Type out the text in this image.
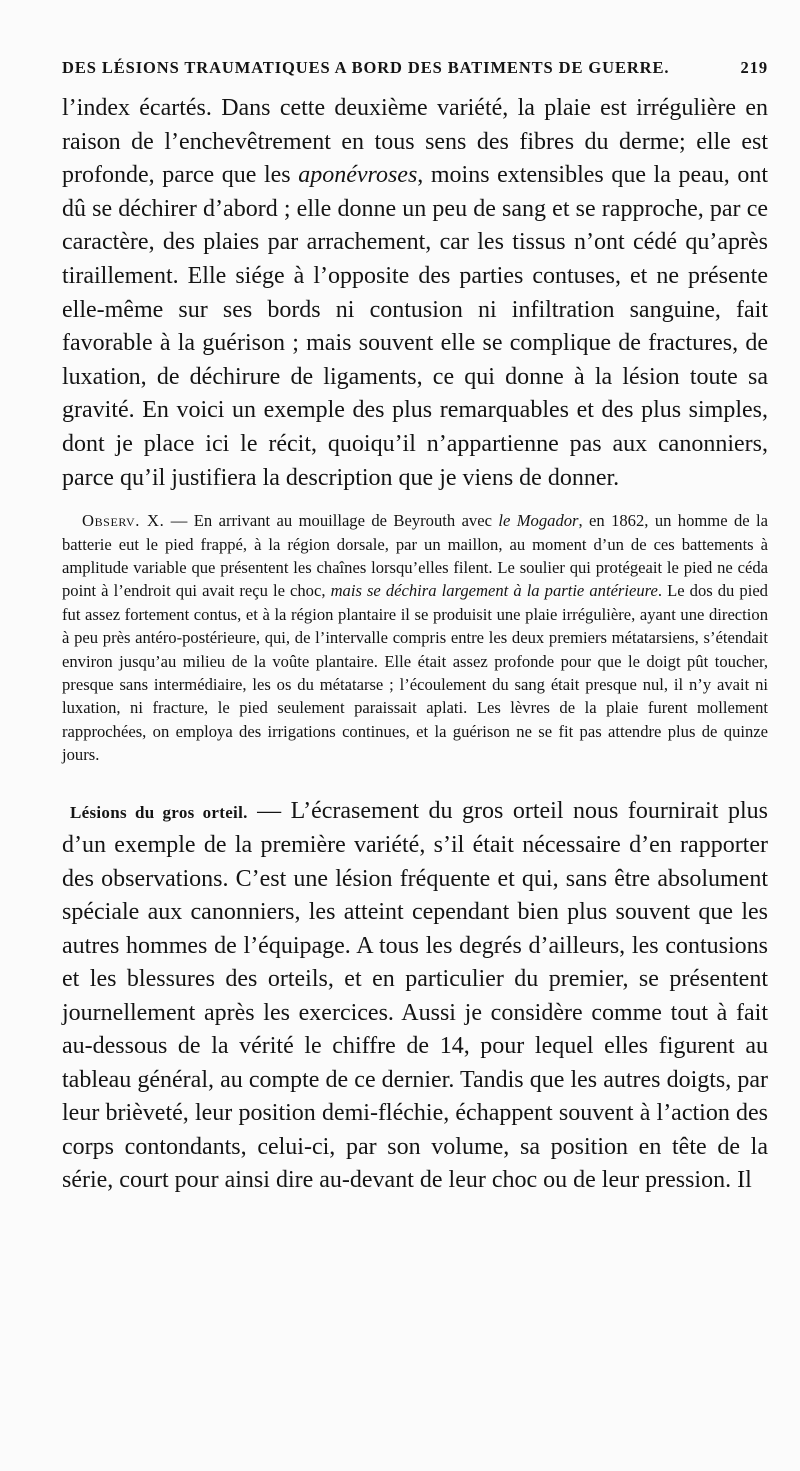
DES LÉSIONS TRAUMATIQUES A BORD DES BATIMENTS DE GUERRE.	219

l’index écartés. Dans cette deuxième variété, la plaie est irrégulière en raison de l’enchevêtrement en tous sens des fibres du derme; elle est profonde, parce que les aponévroses, moins extensibles que la peau, ont dû se déchirer d’abord ; elle donne un peu de sang et se rapproche, par ce caractère, des plaies par arrachement, car les tissus n’ont cédé qu’après tiraillement. Elle siége à l’opposite des parties contuses, et ne présente elle-même sur ses bords ni contusion ni infiltration sanguine, fait favorable à la guérison ; mais souvent elle se complique de fractures, de luxation, de déchirure de ligaments, ce qui donne à la lésion toute sa gravité. En voici un exemple des plus remarquables et des plus simples, dont je place ici le récit, quoiqu’il n’appartienne pas aux canonniers, parce qu’il justifiera la description que je viens de donner.

Observ. X. — En arrivant au mouillage de Beyrouth avec le Mogador, en 1862, un homme de la batterie eut le pied frappé, à la région dorsale, par un maillon, au moment d’un de ces battements à amplitude variable que présentent les chaînes lorsqu’elles filent. Le soulier qui protégeait le pied ne céda point à l’endroit qui avait reçu le choc, mais se déchira largement à la partie antérieure. Le dos du pied fut assez fortement contus, et à la région plantaire il se produisit une plaie irrégulière, ayant une direction à peu près antéro-postérieure, qui, de l’intervalle compris entre les deux premiers métatarsiens, s’étendait environ jusqu’au milieu de la voûte plantaire. Elle était assez profonde pour que le doigt pût toucher, presque sans intermédiaire, les os du métatarse ; l’écoulement du sang était presque nul, il n’y avait ni luxation, ni fracture, le pied seulement paraissait aplati. Les lèvres de la plaie furent mollement rapprochées, on employa des irrigations continues, et la guérison ne se fit pas attendre plus de quinze jours.

Lésions du gros orteil. — L’écrasement du gros orteil nous fournirait plus d’un exemple de la première variété, s’il était nécessaire d’en rapporter des observations. C’est une lésion fréquente et qui, sans être absolument spéciale aux canonniers, les atteint cependant bien plus souvent que les autres hommes de l’équipage. A tous les degrés d’ailleurs, les contusions et les blessures des orteils, et en particulier du premier, se présentent journellement après les exercices. Aussi je considère comme tout à fait au-dessous de la vérité le chiffre de 14, pour lequel elles figurent au tableau général, au compte de ce dernier. Tandis que les autres doigts, par leur brièveté, leur position demi-fléchie, échappent souvent à l’action des corps contondants, celui-ci, par son volume, sa position en tête de la série, court pour ainsi dire au-devant de leur choc ou de leur pression. Il
